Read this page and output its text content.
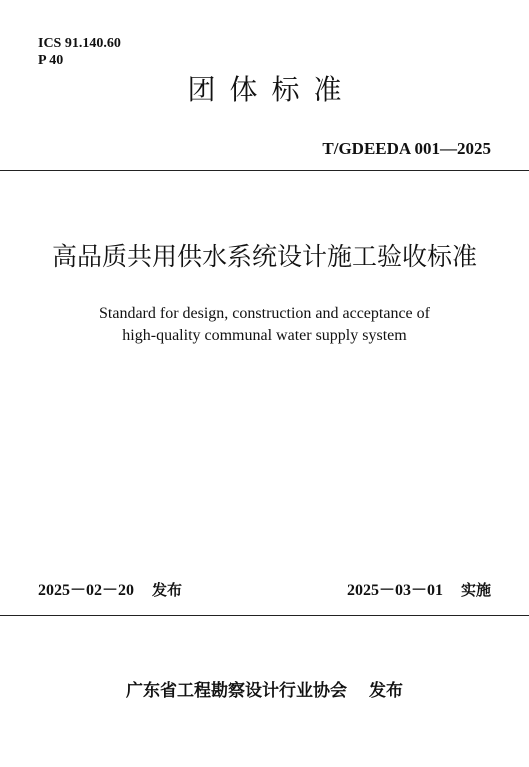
ICS 91.140.60
P 40
团体标准
T/GDEEDA 001—2025
高品质共用供水系统设计施工验收标准
Standard for design, construction and acceptance of
high-quality communal water supply system
2025－02－20 发布	2025－03－01 实施
广东省工程勘察设计行业协会 发布
